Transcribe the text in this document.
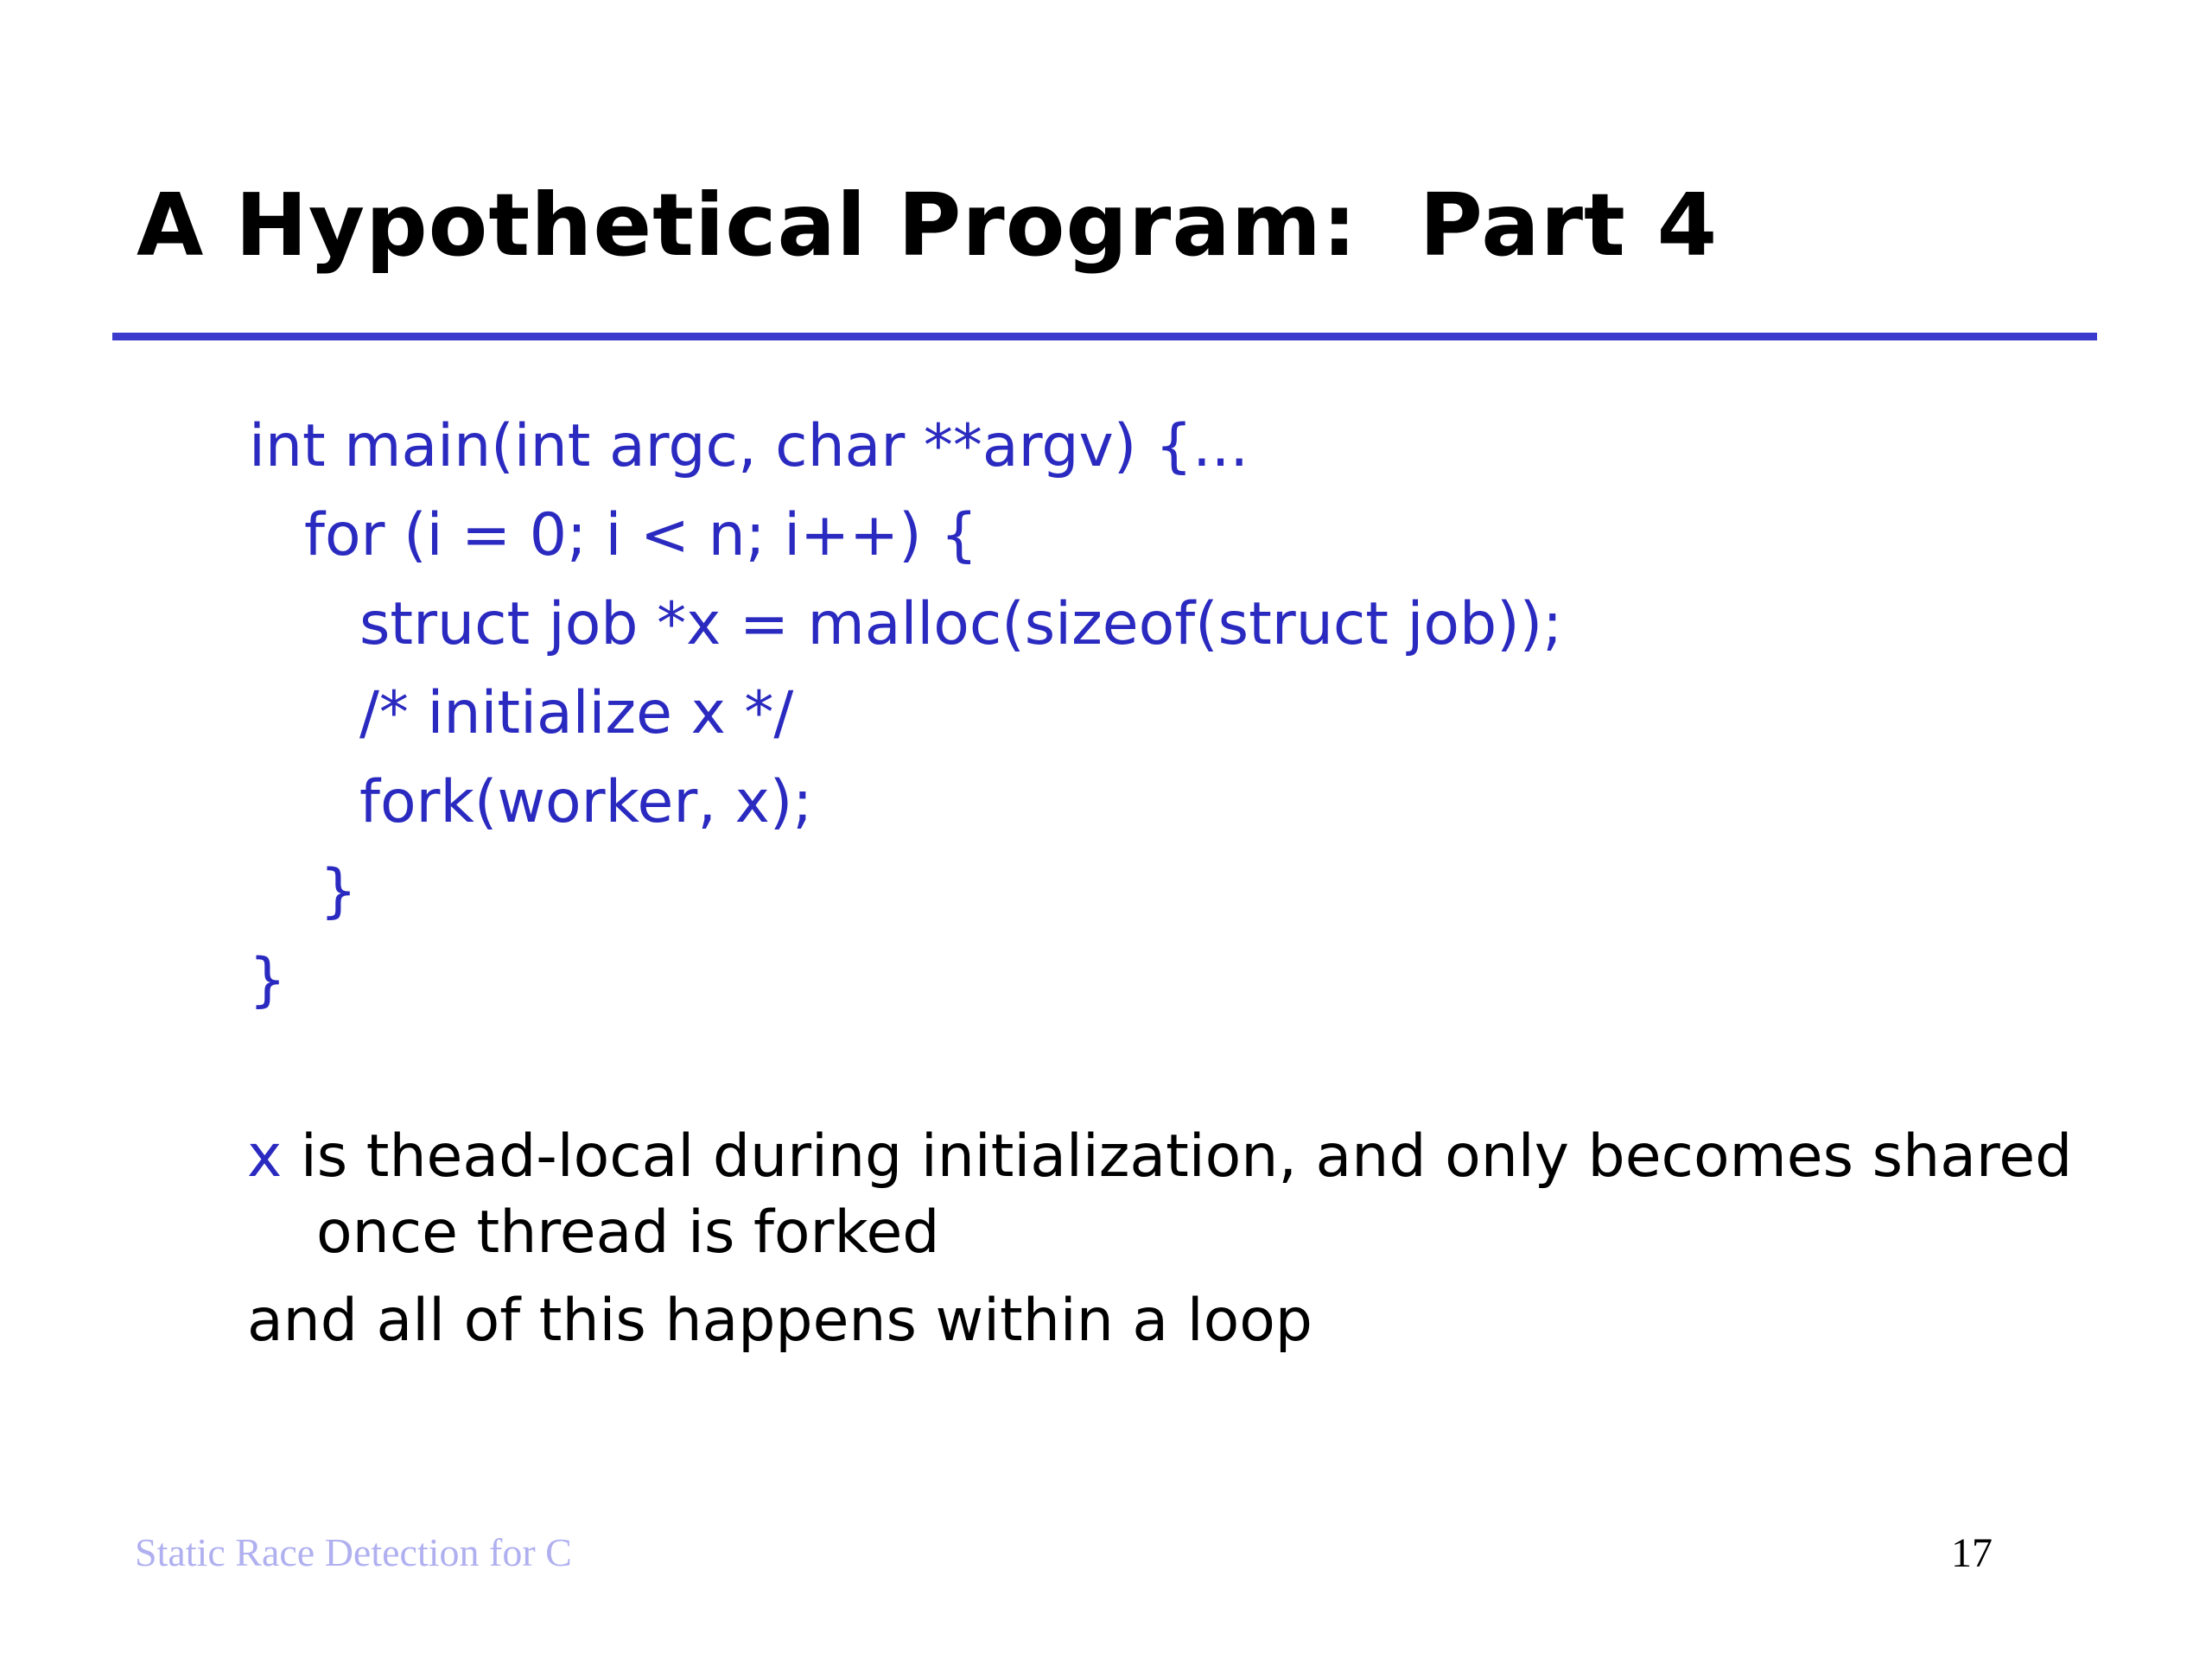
A Hypothetical Program:  Part 4
int main(int argc, char **argv) {...
for (i = 0; i < n; i++) {
struct job *x = malloc(sizeof(struct job));
/* initialize x */
fork(worker, x);
}
}
x is thead-local during initialization, and only becomes shared
once thread is forked
and all of this happens within a loop
Static Race Detection for C	17
